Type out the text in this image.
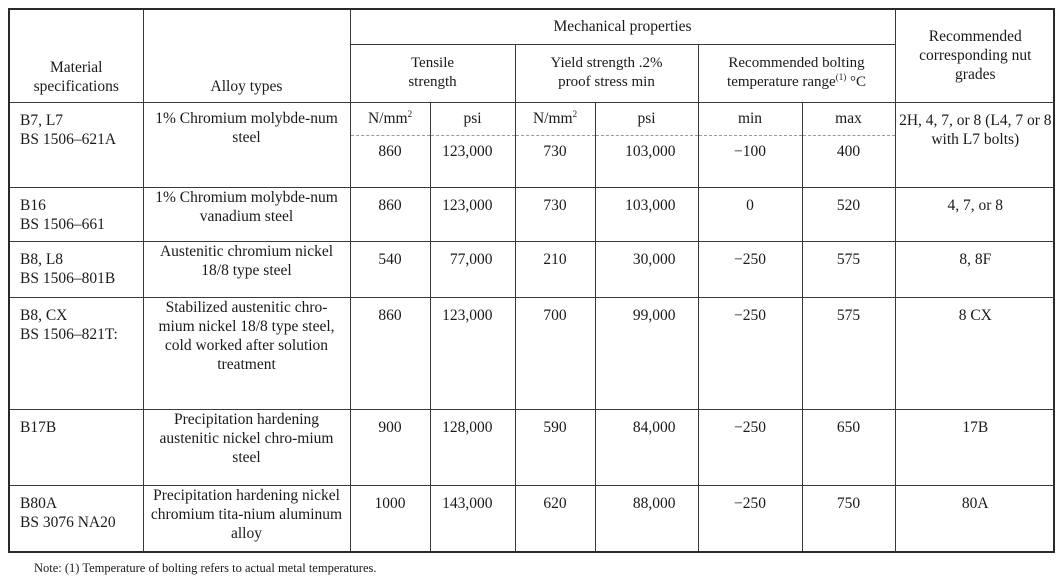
Material specifications	Alloy types	Mechanical properties						Recommended corresponding nut grades
		Tensile strength		Yield strength .2% proof stress min		Recommended bolting temperature range$^{(1)}$ °C		

B7, L7
BS 1506–621A	1% Chromium molybde-num steel	$N/mm^2$	psi	$N/mm^2$	psi	min	max	2H, 4, 7, or 8 (L4, 7 or 8 with L7 bolts)
		860	123,000	730	103,000	−100	400	

B16
BS 1506–661	1% Chromium molybde-num vanadium steel	860	123,000	730	103,000	0	520	4, 7, or 8

B8, L8
BS 1506–801B	Austenitic chromium nickel 18/8 type steel	540	77,000	210	30,000	−250	575	8, 8F

B8, CX
BS 1506–821T:	Stabilized austenitic chro-mium nickel 18/8 type steel, cold worked after solution treatment	860	123,000	700	99,000	−250	575	8 CX

B17B	Precipitation hardening austenitic nickel chro-mium steel	900	128,000	590	84,000	−250	650	17B

B80A
BS 3076 NA20	Precipitation hardening nickel chromium tita-nium aluminum alloy	1000	143,000	620	88,000	−250	750	80A
Note: (1) Temperature of bolting refers to actual metal temperatures.
